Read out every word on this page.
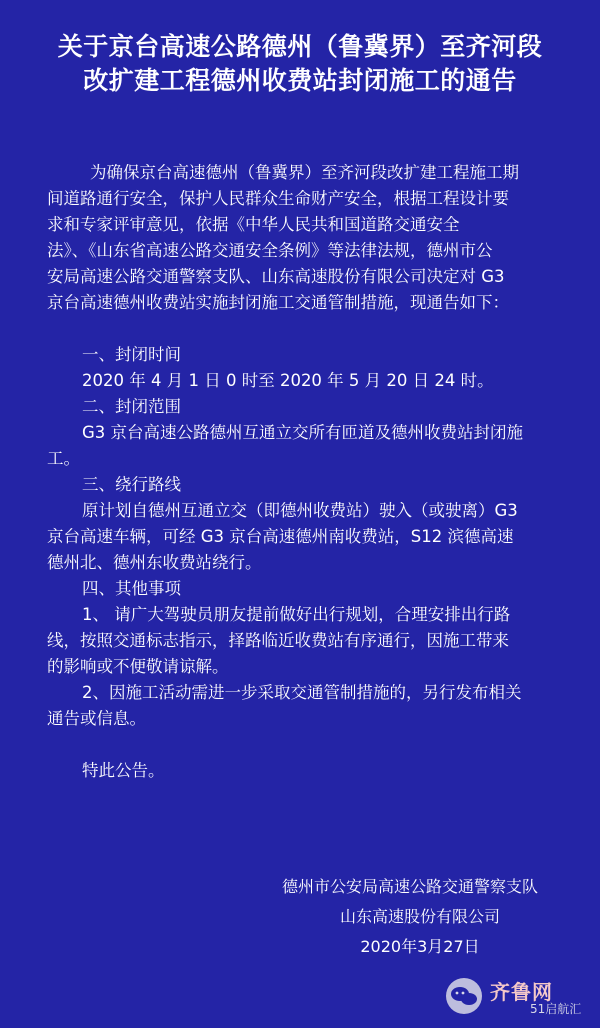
关于京台高速公路德州（鲁冀界）至齐河段
改扩建工程德州收费站封闭施工的通告
为确保京台高速德州（鲁冀界）至齐河段改扩建工程施工期
间道路通行安全，保护人民群众生命财产安全，根据工程设计要
求和专家评审意见，依据《中华人民共和国道路交通安全
法》、《山东省高速公路交通安全条例》等法律法规，德州市公
安局高速公路交通警察支队、山东高速股份有限公司决定对 G3
京台高速德州收费站实施封闭施工交通管制措施，现通告如下：
一、封闭时间
2020 年 4 月 1 日 0 时至 2020 年 5 月 20 日 24 时。
二、封闭范围
G3 京台高速公路德州互通立交所有匝道及德州收费站封闭施
工。
三、绕行路线
原计划自德州互通立交（即德州收费站）驶入（或驶离）G3
京台高速车辆，可经 G3 京台高速德州南收费站，S12 滨德高速
德州北、德州东收费站绕行。
四、其他事项
1、 请广大驾驶员朋友提前做好出行规划，合理安排出行路
线，按照交通标志指示，择路临近收费站有序通行，因施工带来
的影响或不便敬请谅解。
2、因施工活动需进一步采取交通管制措施的，另行发布相关
通告或信息。
特此公告。
德州市公安局高速公路交通警察支队
山东高速股份有限公司
2020年3月27日
齐鲁网
51启航汇
